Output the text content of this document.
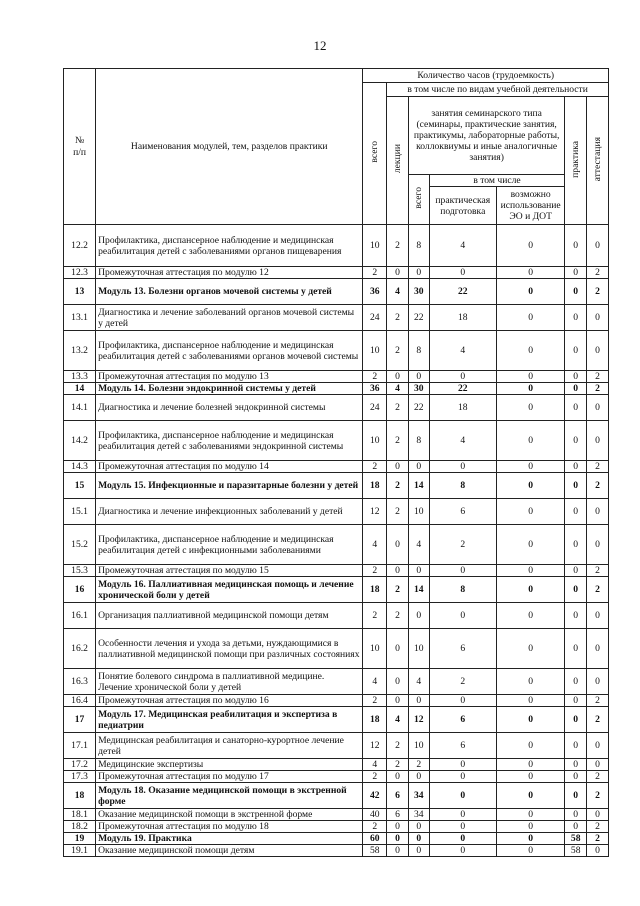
12
№
п/п	Наименования модулей, тем, разделов практики	Количество часов (трудоемкость)						
		всего	в том числе по видам учебной деятельности					
			лекции	занятия семинарского типа (семинары, практические занятия, практикумы, лабораторные работы, коллоквиумы и иные аналогичные занятия)			практика	аттестация
				всего	в том числе			
					практическая подготовка	возможно использование ЭО и ДОТ		
12.2	Профилактика, диспансерное наблюдение и медицинская реабилитация детей с заболеваниями органов пищеварения	10	2	8	4	0	0	0
12.3	Промежуточная аттестация по модулю 12	2	0	0	0	0	0	2
13	Модуль 13. Болезни органов мочевой системы у детей	36	4	30	22	0	0	2
13.1	Диагностика и лечение заболеваний органов мочевой системы у детей	24	2	22	18	0	0	0
13.2	Профилактика, диспансерное наблюдение и медицинская реабилитация детей с заболеваниями органов мочевой системы	10	2	8	4	0	0	0
13.3	Промежуточная аттестация по модулю 13	2	0	0	0	0	0	2
14	Модуль 14. Болезни эндокринной системы у детей	36	4	30	22	0	0	2
14.1	Диагностика и лечение болезней эндокринной системы	24	2	22	18	0	0	0
14.2	Профилактика, диспансерное наблюдение и медицинская реабилитация детей с заболеваниями эндокринной системы	10	2	8	4	0	0	0
14.3	Промежуточная аттестация по модулю 14	2	0	0	0	0	0	2
15	Модуль 15. Инфекционные и паразитарные болезни у детей	18	2	14	8	0	0	2
15.1	Диагностика и лечение инфекционных заболеваний у детей	12	2	10	6	0	0	0
15.2	Профилактика, диспансерное наблюдение и медицинская реабилитация детей с инфекционными заболеваниями	4	0	4	2	0	0	0
15.3	Промежуточная аттестация по модулю 15	2	0	0	0	0	0	2
16	Модуль 16. Паллиативная медицинская помощь и лечение хронической боли у детей	18	2	14	8	0	0	2
16.1	Организация паллиативной медицинской помощи детям	2	2	0	0	0	0	0
16.2	Особенности лечения и ухода за детьми, нуждающимися в паллиативной медицинской помощи при различных состояниях	10	0	10	6	0	0	0
16.3	Понятие болевого синдрома в паллиативной медицине. Лечение хронической боли у детей	4	0	4	2	0	0	0
16.4	Промежуточная аттестация по модулю 16	2	0	0	0	0	0	2
17	Модуль 17. Медицинская реабилитация и экспертиза в педиатрии	18	4	12	6	0	0	2
17.1	Медицинская реабилитация и санаторно-курортное лечение детей	12	2	10	6	0	0	0
17.2	Медицинские экспертизы	4	2	2	0	0	0	0
17.3	Промежуточная аттестация по модулю 17	2	0	0	0	0	0	2
18	Модуль 18. Оказание медицинской помощи в экстренной форме	42	6	34	0	0	0	2
18.1	Оказание медицинской помощи в экстренной форме	40	6	34	0	0	0	0
18.2	Промежуточная аттестация по модулю 18	2	0	0	0	0	0	2
19	Модуль 19. Практика	60	0	0	0	0	58	2
19.1	Оказание медицинской помощи детям	58	0	0	0	0	58	0
